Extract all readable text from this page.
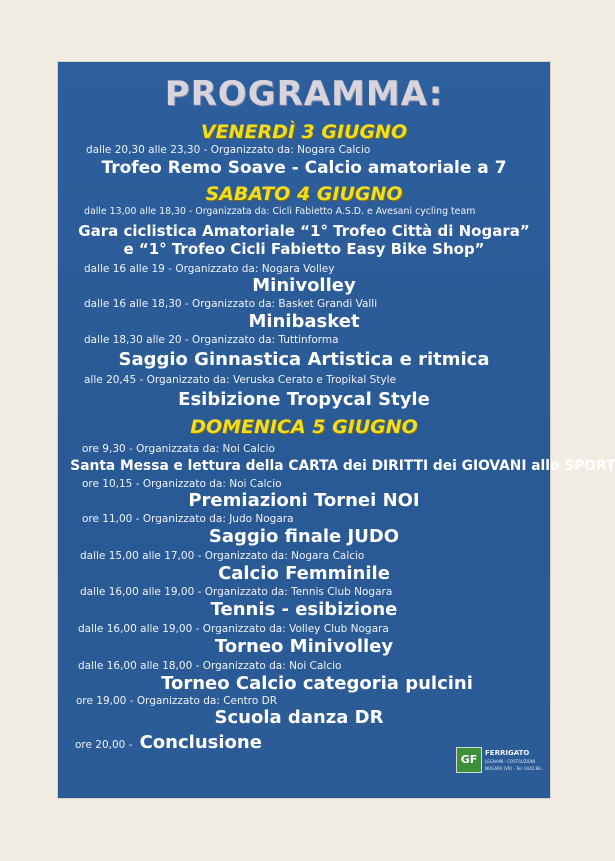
PROGRAMMA:
VENERDÌ 3 GIUGNO
dalle 20,30 alle 23,30 - Organizzato da: Nogara Calcio
Trofeo Remo Soave - Calcio amatoriale a 7
SABATO 4 GIUGNO
dalle 13,00 alle 18,30 - Organizzata da: Cicli Fabietto A.S.D. e Avesani cycling team
Gara ciclistica Amatoriale “1° Trofeo Città di Nogara”
e “1° Trofeo Cicli Fabietto Easy Bike Shop”
dalle 16 alle 19 - Organizzato da: Nogara Volley
Minivolley
dalle 16 alle 18,30 - Organizzato da: Basket Grandi Valli
Minibasket
dalle 18,30 alle 20 - Organizzato da: Tuttinforma
Saggio Ginnastica Artistica e ritmica
alle 20,45 - Organizzato da: Veruska Cerato e Tropikal Style
Esibizione Tropycal Style
DOMENICA 5 GIUGNO
ore 9,30 - Organizzata da: Noi Calcio
Santa Messa e lettura della CARTA dei DIRITTI dei GIOVANI allo SPORT
ore 10,15 - Organizzato da: Noi Calcio
Premiazioni Tornei NOI
ore 11,00 - Organizzato da: Judo Nogara
Saggio finale JUDO
dalle 15,00 alle 17,00 - Organizzato da: Nogara Calcio
Calcio Femminile
dalle 16,00 alle 19,00 - Organizzato da: Tennis Club Nogara
Tennis - esibizione
dalle 16,00 alle 19,00 - Organizzato da: Volley Club Nogara
Torneo Minivolley
dalle 16,00 alle 18,00 - Organizzato da: Noi Calcio
Torneo Calcio categoria pulcini
ore 19,00 - Organizzato da: Centro DR
Scuola danza DR
ore 20,00 - Conclusione
GF	FERRIGATO
LEGNAMI - COSTRUZIONI
NOGARA (VR) - Tel. 0442 88...
